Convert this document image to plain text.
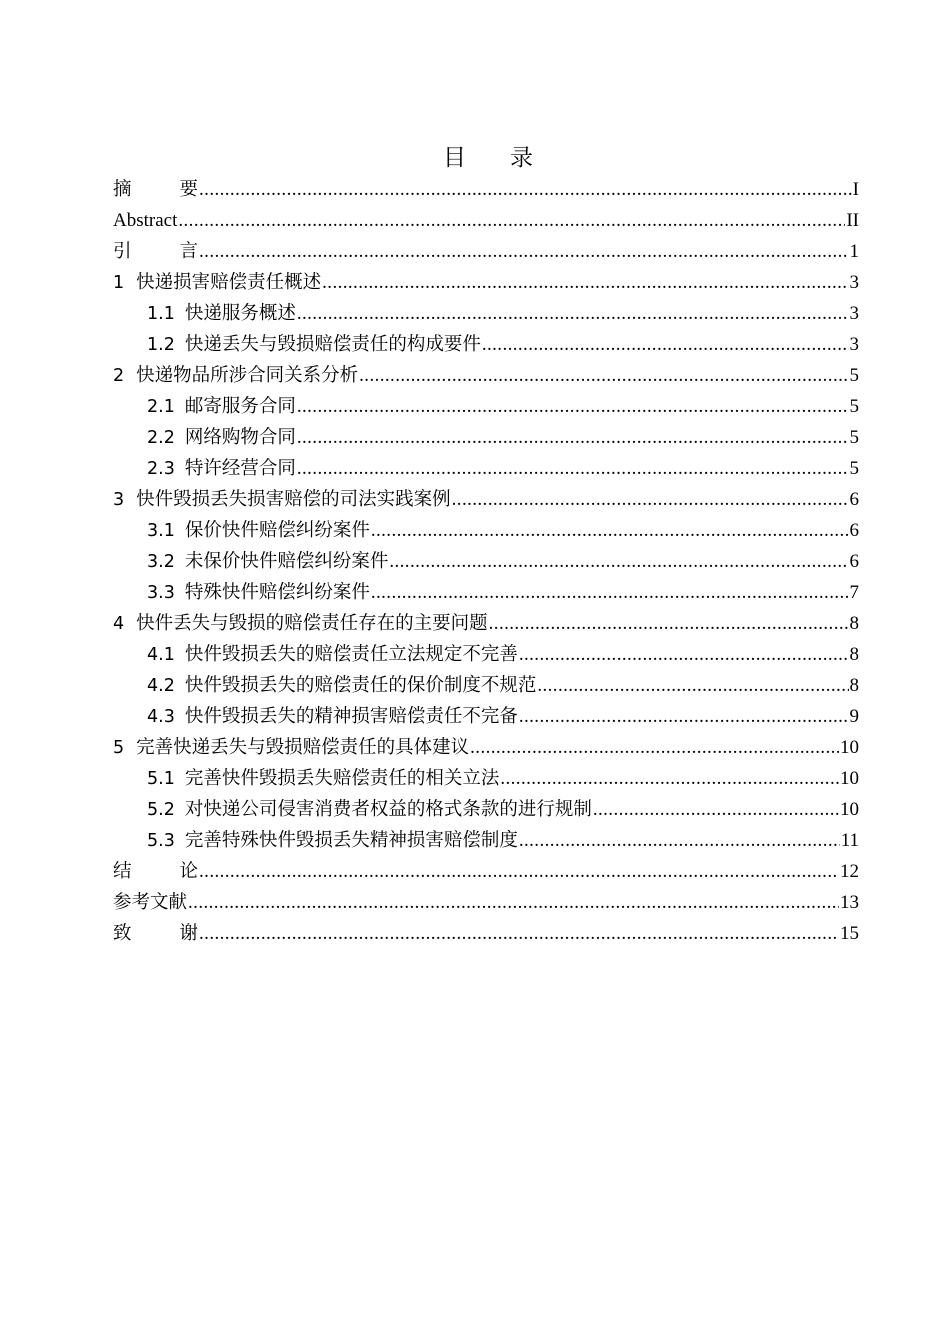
目 录
摘	要 .....	I
Abstract .....	II
引	言 .....	1
1 快递损害赔偿责任概述 .....	3
1.1 快递服务概述 .....	3
1.2 快递丢失与毁损赔偿责任的构成要件 .....	3
2 快递物品所涉合同关系分析 .....	5
2.1 邮寄服务合同 .....	5
2.2 网络购物合同 .....	5
2.3 特许经营合同 .....	5
3 快件毁损丢失损害赔偿的司法实践案例 .....	6
3.1 保价快件赔偿纠纷案件 .....	6
3.2 未保价快件赔偿纠纷案件 .....	6
3.3 特殊快件赔偿纠纷案件 .....	7
4 快件丢失与毁损的赔偿责任存在的主要问题 .....	8
4.1 快件毁损丢失的赔偿责任立法规定不完善 .....	8
4.2 快件毁损丢失的赔偿责任的保价制度不规范 .....	8
4.3 快件毁损丢失的精神损害赔偿责任不完备 .....	9
5 完善快递丢失与毁损赔偿责任的具体建议 .....	10
5.1 完善快件毁损丢失赔偿责任的相关立法 .....	10
5.2 对快递公司侵害消费者权益的格式条款的进行规制 .....	10
5.3 完善特殊快件毁损丢失精神损害赔偿制度 .....	11
结	论 .....	12
参考文献 .....	13
致	谢 .....	15
